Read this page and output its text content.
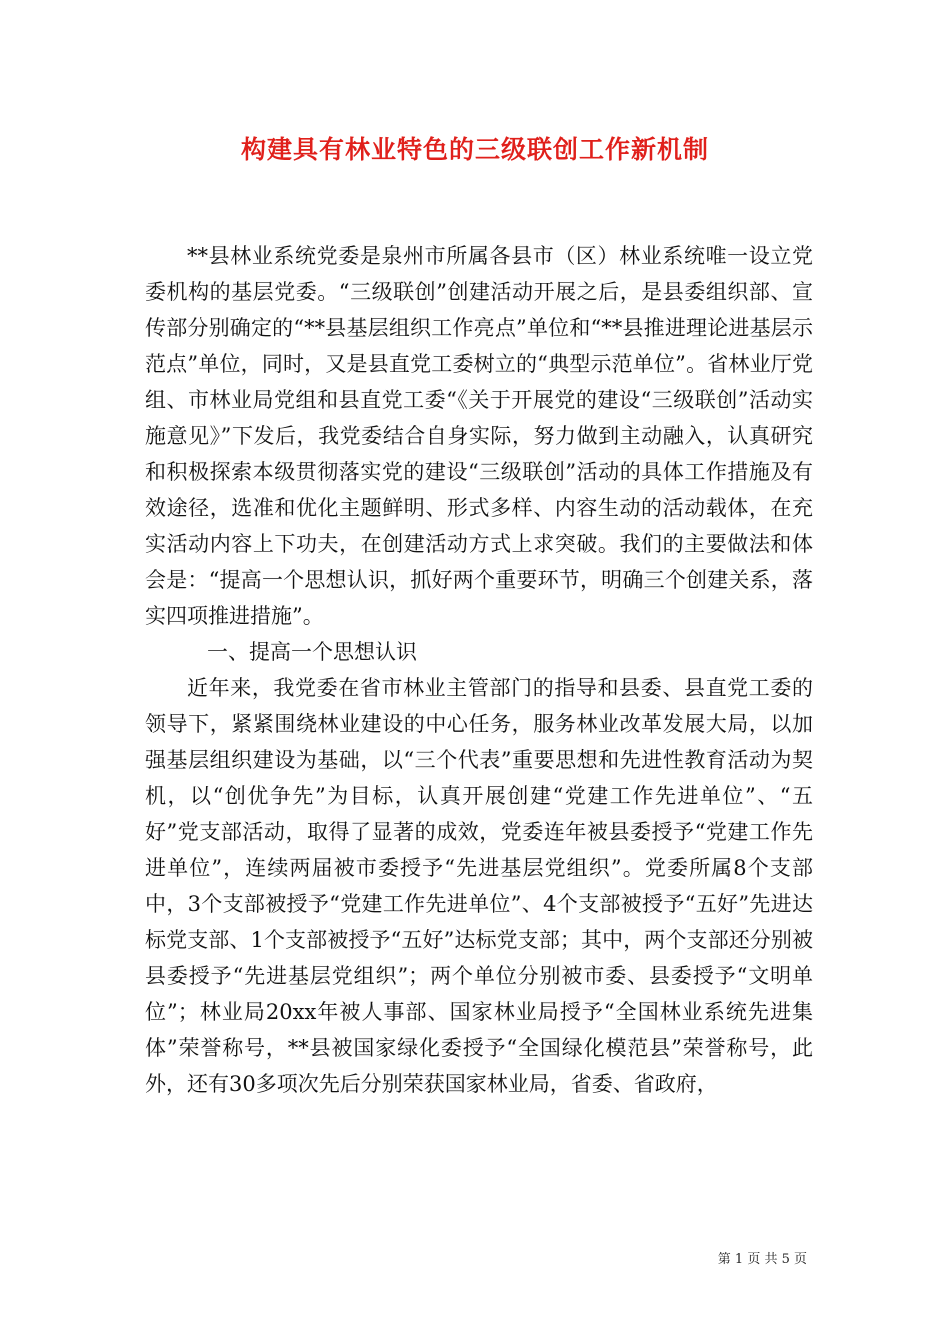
构建具有林业特色的三级联创工作新机制

**县林业系统党委是泉州市所属各县市（区）林业系统唯一设立党委机构的基层党委。“三级联创”创建活动开展之后，是县委组织部、宣传部分别确定的“**县基层组织工作亮点”单位和“**县推进理论进基层示范点”单位，同时，又是县直党工委树立的“典型示范单位”。省林业厅党组、市林业局党组和县直党工委“《关于开展党的建设“三级联创”活动实施意见》”下发后，我党委结合自身实际，努力做到主动融入，认真研究和积极探索本级贯彻落实党的建设“三级联创”活动的具体工作措施及有效途径，选准和优化主题鲜明、形式多样、内容生动的活动载体，在充实活动内容上下功夫，在创建活动方式上求突破。我们的主要做法和体会是：“提高一个思想认识，抓好两个重要环节，明确三个创建关系，落实四项推进措施”。

一、提高一个思想认识

近年来，我党委在省市林业主管部门的指导和县委、县直党工委的领导下，紧紧围绕林业建设的中心任务，服务林业改革发展大局，以加强基层组织建设为基础，以“三个代表”重要思想和先进性教育活动为契机，以“创优争先”为目标，认真开展创建“党建工作先进单位”、“五好”党支部活动，取得了显著的成效，党委连年被县委授予“党建工作先进单位”，连续两届被市委授予“先进基层党组织”。党委所属8个支部中，3个支部被授予“党建工作先进单位”、4个支部被授予“五好”先进达标党支部、1个支部被授予“五好”达标党支部；其中，两个支部还分别被县委授予“先进基层党组织”；两个单位分别被市委、县委授予“文明单位”；林业局20xx年被人事部、国家林业局授予“全国林业系统先进集体”荣誉称号，**县被国家绿化委授予“全国绿化模范县”荣誉称号，此外，还有30多项次先后分别荣获国家林业局，省委、省政府，

第 1 页 共 5 页
